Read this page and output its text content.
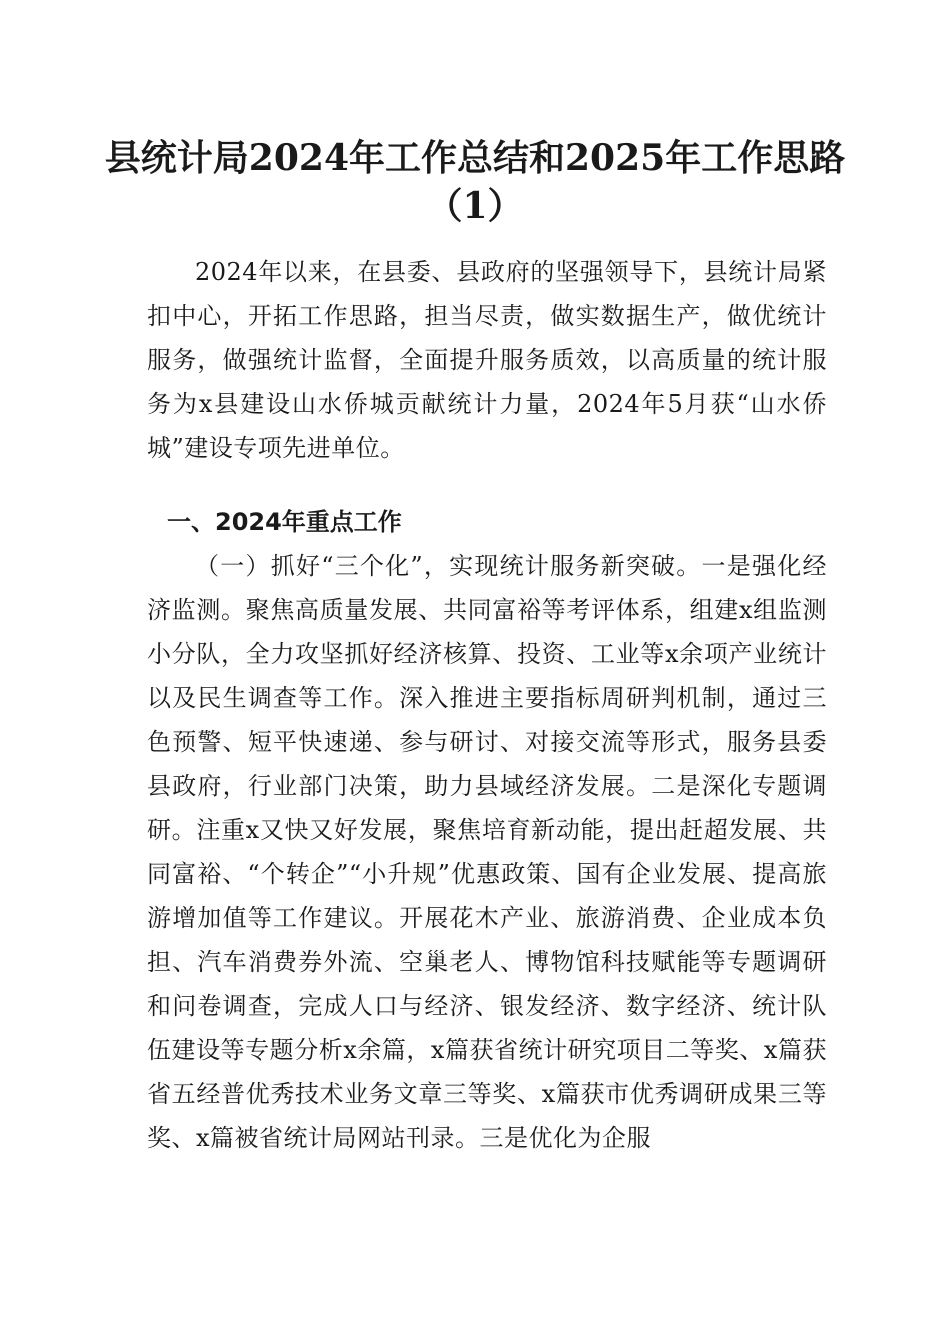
县统计局2024年工作总结和2025年工作思路
（1）

2024年以来，在县委、县政府的坚强领导下，县统计局紧扣中心，开拓工作思路，担当尽责，做实数据生产，做优统计服务，做强统计监督，全面提升服务质效，以高质量的统计服务为x县建设山水侨城贡献统计力量，2024年5月获“山水侨城”建设专项先进单位。

一、2024年重点工作

（一）抓好“三个化”，实现统计服务新突破。一是强化经济监测。聚焦高质量发展、共同富裕等考评体系，组建x组监测小分队，全力攻坚抓好经济核算、投资、工业等x余项产业统计以及民生调查等工作。深入推进主要指标周研判机制，通过三色预警、短平快速递、参与研讨、对接交流等形式，服务县委县政府，行业部门决策，助力县域经济发展。二是深化专题调研。注重x又快又好发展，聚焦培育新动能，提出赶超发展、共同富裕、“个转企”“小升规”优惠政策、国有企业发展、提高旅游增加值等工作建议。开展花木产业、旅游消费、企业成本负担、汽车消费券外流、空巢老人、博物馆科技赋能等专题调研和问卷调查，完成人口与经济、银发经济、数字经济、统计队伍建设等专题分析x余篇，x篇获省统计研究项目二等奖、x篇获省五经普优秀技术业务文章三等奖、x篇获市优秀调研成果三等奖、x篇被省统计局网站刊录。三是优化为企服
